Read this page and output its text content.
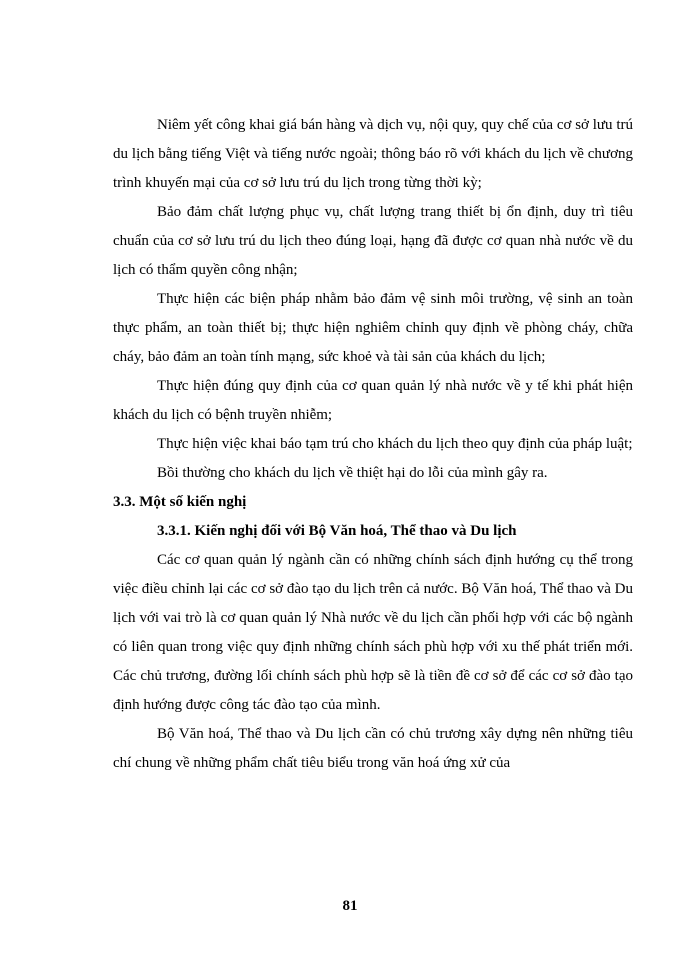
Niêm yết công khai giá bán hàng và dịch vụ, nội quy, quy chế của cơ sở lưu trú du lịch bằng tiếng Việt và tiếng nước ngoài; thông báo rõ với khách du lịch về chương trình khuyến mại của cơ sở lưu trú du lịch trong từng thời kỳ;

Bảo đảm chất lượng phục vụ, chất lượng trang thiết bị ổn định, duy trì tiêu chuẩn của cơ sở lưu trú du lịch theo đúng loại, hạng đã được cơ quan nhà nước về du lịch có thẩm quyền công nhận;

Thực hiện các biện pháp nhằm bảo đảm vệ sinh môi trường, vệ sinh an toàn thực phẩm, an toàn thiết bị; thực hiện nghiêm chỉnh quy định về phòng cháy, chữa cháy, bảo đảm an toàn tính mạng, sức khoẻ và tài sản của khách du lịch;

Thực hiện đúng quy định của cơ quan quản lý nhà nước về y tế khi phát hiện khách du lịch có bệnh truyền nhiễm;

Thực hiện việc khai báo tạm trú cho khách du lịch theo quy định của pháp luật;

Bồi thường cho khách du lịch về thiệt hại do lỗi của mình gây ra.

3.3. Một số kiến nghị

3.3.1. Kiến nghị đối với Bộ Văn hoá, Thể thao và Du lịch

Các cơ quan quản lý ngành cần có những chính sách định hướng cụ thể trong việc điều chỉnh lại các cơ sở đào tạo du lịch trên cả nước. Bộ Văn hoá, Thể thao và Du lịch với vai trò là cơ quan quản lý Nhà nước về du lịch cần phối hợp với các bộ ngành có liên quan trong việc quy định những chính sách phù hợp với xu thế phát triển mới. Các chủ trương, đường lối chính sách phù hợp sẽ là tiền đề cơ sở để các cơ sở đào tạo định hướng được công tác đào tạo của mình.

Bộ Văn hoá, Thể thao và Du lịch cần có chủ trương xây dựng nên những tiêu chí chung về những phẩm chất tiêu biểu trong văn hoá ứng xử của

81
